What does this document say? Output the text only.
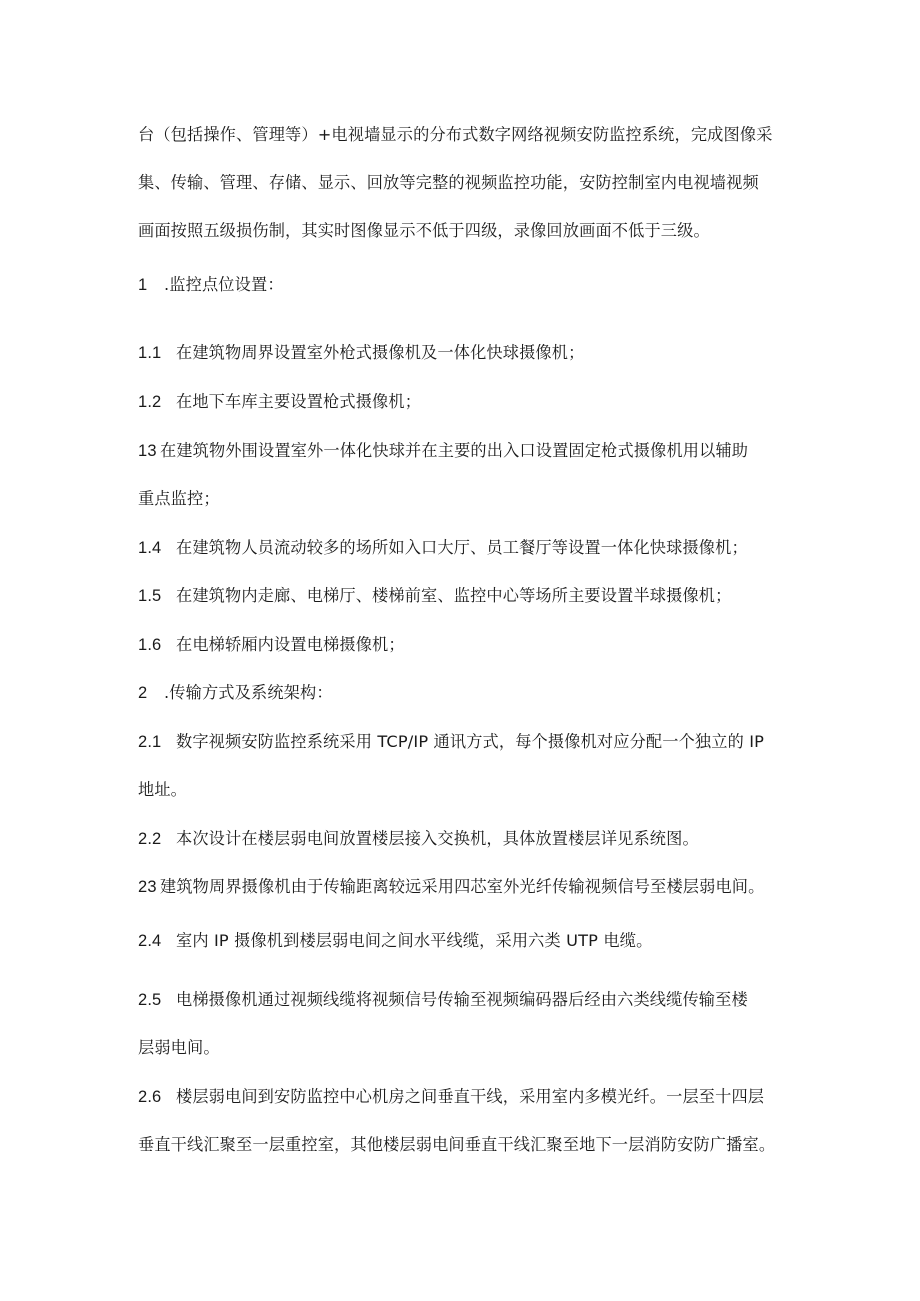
台（包括操作、管理等）+电视墙显示的分布式数字网络视频安防监控系统，完成图像采
集、传输、管理、存储、显示、回放等完整的视频监控功能，安防控制室内电视墙视频
画面按照五级损伤制，其实时图像显示不低于四级，录像回放画面不低于三级。
1 .监控点位设置：
1.1 在建筑物周界设置室外枪式摄像机及一体化快球摄像机；
1.2 在地下车库主要设置枪式摄像机；
13 在建筑物外围设置室外一体化快球并在主要的出入口设置固定枪式摄像机用以辅助
重点监控；
1.4 在建筑物人员流动较多的场所如入口大厅、员工餐厅等设置一体化快球摄像机；
1.5 在建筑物内走廊、电梯厅、楼梯前室、监控中心等场所主要设置半球摄像机；
1.6 在电梯轿厢内设置电梯摄像机；
2 .传输方式及系统架构：
2.1 数字视频安防监控系统采用 TCP/IP 通讯方式，每个摄像机对应分配一个独立的 IP
地址。
2.2 本次设计在楼层弱电间放置楼层接入交换机，具体放置楼层详见系统图。
23 建筑物周界摄像机由于传输距离较远采用四芯室外光纤传输视频信号至楼层弱电间。
2.4 室内 IP 摄像机到楼层弱电间之间水平线缆，采用六类 UTP 电缆。
2.5 电梯摄像机通过视频线缆将视频信号传输至视频编码器后经由六类线缆传输至楼
层弱电间。
2.6 楼层弱电间到安防监控中心机房之间垂直干线，采用室内多模光纤。一层至十四层
垂直干线汇聚至一层重控室，其他楼层弱电间垂直干线汇聚至地下一层消防安防广播室。
